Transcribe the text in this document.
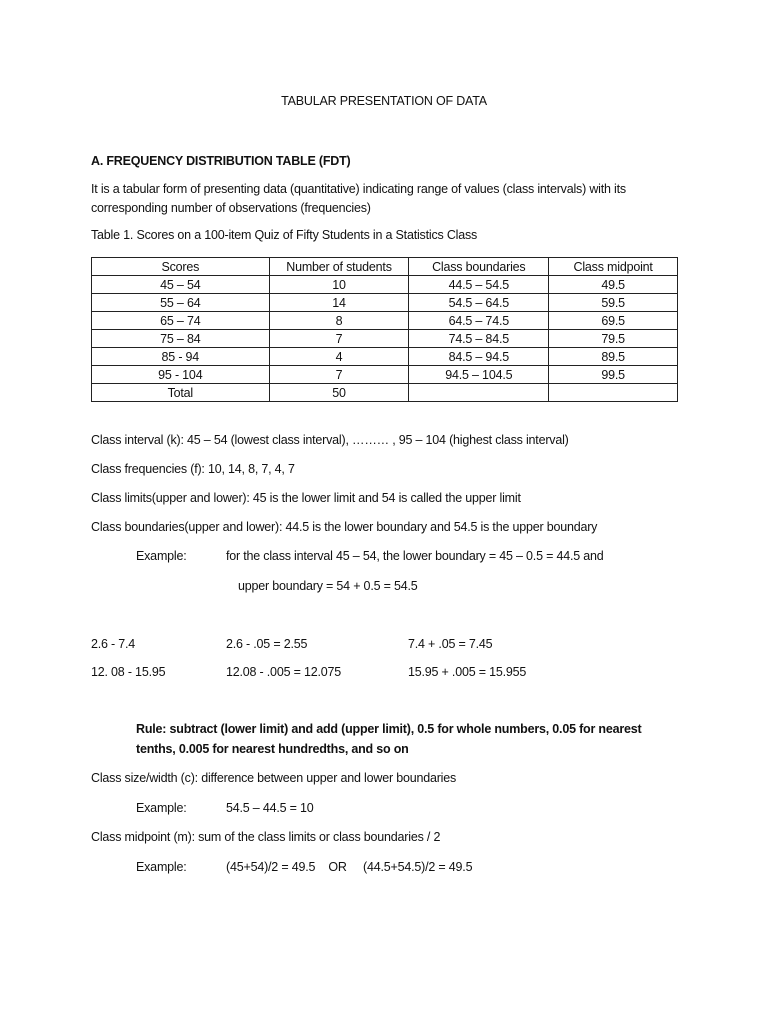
TABULAR PRESENTATION OF DATA
A. FREQUENCY DISTRIBUTION TABLE (FDT)
It is a tabular form of presenting data (quantitative) indicating range of values (class intervals) with its corresponding number of observations (frequencies)
Table 1. Scores on a 100-item Quiz of Fifty Students in a Statistics Class
Scores	Number of students	Class boundaries	Class midpoint
45 – 54	10	44.5 – 54.5	49.5
55 – 64	14	54.5 – 64.5	59.5
65 – 74	8	64.5 – 74.5	69.5
75 – 84	7	74.5 – 84.5	79.5
85 - 94	4	84.5 – 94.5	89.5
95 - 104	7	94.5 – 104.5	99.5
Total	50		
Class interval (k): 45 – 54 (lowest class interval), ……… , 95 – 104 (highest class interval)
Class frequencies (f): 10, 14, 8, 7, 4, 7
Class limits(upper and lower): 45 is the lower limit and 54 is called the upper limit
Class boundaries(upper and lower): 44.5 is the lower boundary and 54.5 is the upper boundary
Example:	for the class interval 45 – 54, the lower boundary = 45 – 0.5 = 44.5 and
upper boundary = 54 + 0.5 = 54.5
2.6 - 7.4	2.6 - .05 = 2.55	7.4 + .05 = 7.45
12. 08 - 15.95	12.08 - .005 = 12.075	15.95 + .005 = 15.955
Rule: subtract (lower limit) and add (upper limit), 0.5 for whole numbers, 0.05 for nearest
tenths, 0.005 for nearest hundredths, and so on
Class size/width (c): difference between upper and lower boundaries
Example:	54.5 – 44.5 = 10
Class midpoint (m): sum of the class limits or class boundaries / 2
Example:	(45+54)/2 = 49.5    OR     (44.5+54.5)/2 = 49.5
